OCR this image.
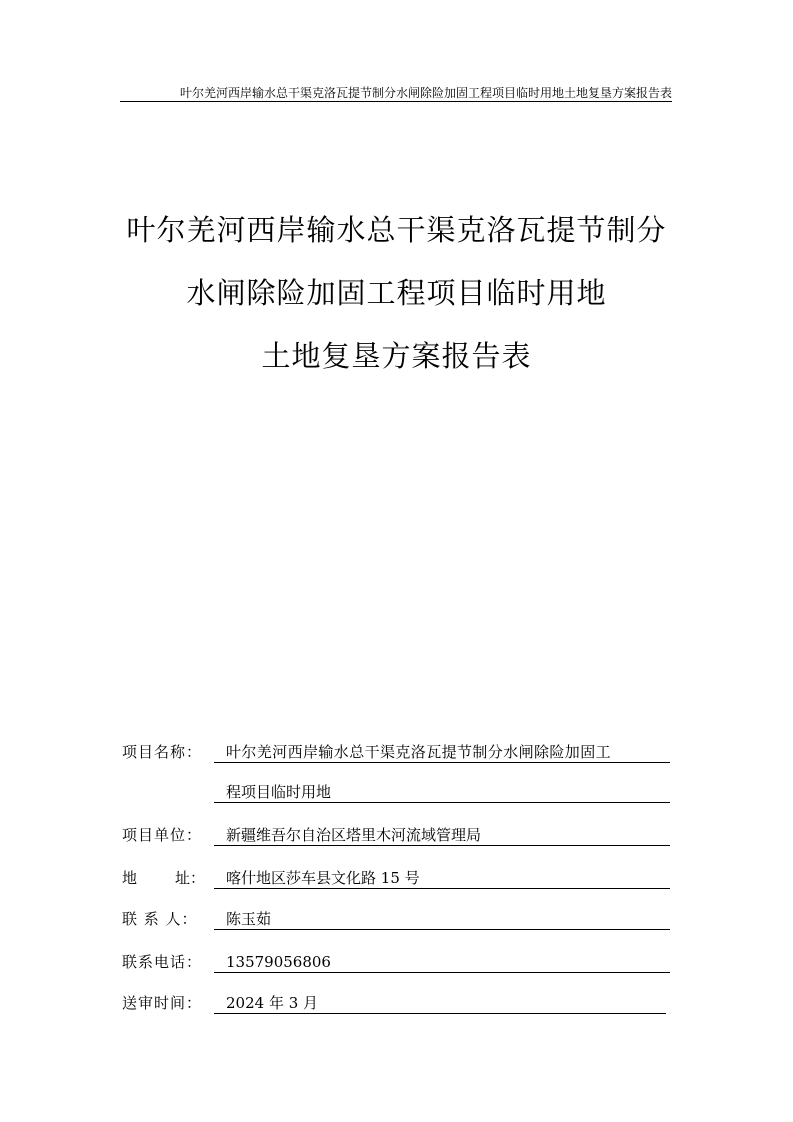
叶尔羌河西岸输水总干渠克洛瓦提节制分水闸除险加固工程项目临时用地土地复垦方案报告表
叶尔羌河西岸输水总干渠克洛瓦提节制分
水闸除险加固工程项目临时用地
土地复垦方案报告表
项目名称：	叶尔羌河西岸输水总干渠克洛瓦提节制分水闸除险加固工
程项目临时用地
项目单位：	新疆维吾尔自治区塔里木河流域管理局
地	址：	喀什地区莎车县文化路 15 号
联 系 人：	陈玉茹
联系电话：	13579056806
送审时间：	2024 年 3 月
